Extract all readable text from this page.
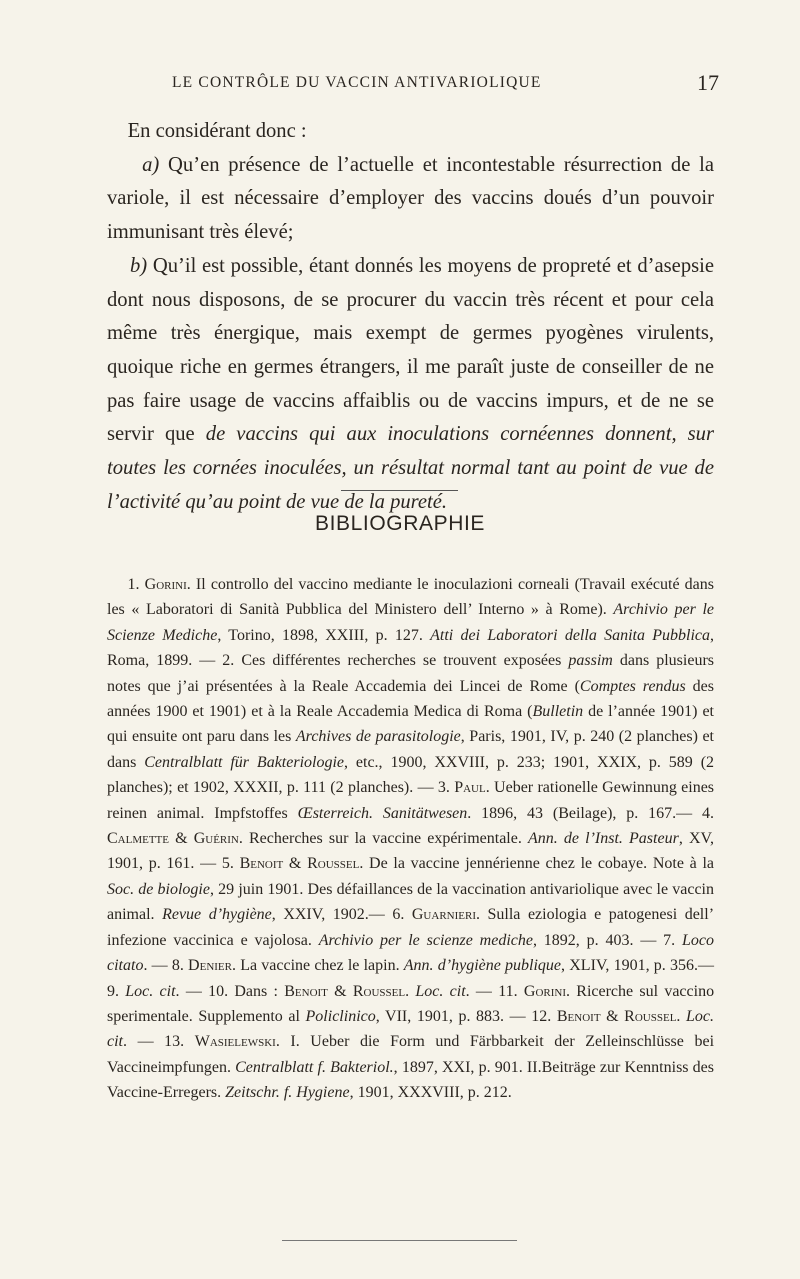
LE CONTRÔLE DU VACCIN ANTIVARIOLIQUE	17

En considérant donc :

a) Qu’en présence de l’actuelle et incontestable résurrection de la variole, il est nécessaire d’employer des vaccins doués d’un pouvoir immunisant très élevé;

b) Qu’il est possible, étant donnés les moyens de propreté et d’asepsie dont nous disposons, de se procurer du vaccin très récent et pour cela même très énergique, mais exempt de germes pyogènes virulents, quoique riche en germes étrangers, il me paraît juste de conseiller de ne pas faire usage de vaccins affaiblis ou de vaccins impurs, et de ne se servir que de vaccins qui aux inoculations cornéennes donnent, sur toutes les cornées inoculées, un résultat normal tant au point de vue de l’activité qu’au point de vue de la pureté.

BIBLIOGRAPHIE
1. Gorini. Il controllo del vaccino mediante le inoculazioni corneali (Travail exécuté dans les « Laboratori di Sanità Pubblica del Ministero dell’ Interno » à Rome). Archivio per le Scienze Mediche, Torino, 1898, XXIII, p. 127. Atti dei Laboratori della Sanita Pubblica, Roma, 1899. — 2. Ces différentes recherches se trouvent exposées passim dans plusieurs notes que j’ai présentées à la Reale Accademia dei Lincei de Rome (Comptes rendus des années 1900 et 1901) et à la Reale Accademia Medica di Roma (Bulletin de l’année 1901) et qui ensuite ont paru dans les Archives de parasitologie, Paris, 1901, IV, p. 240 (2 planches) et dans Centralblatt für Bakteriologie, etc., 1900, XXVIII, p. 233; 1901, XXIX, p. 589 (2 planches); et 1902, XXXII, p. 111 (2 planches). — 3. Paul. Ueber rationelle Gewinnung eines reinen animal. Impfstoffes Œsterreich. Sanitätwesen. 1896, 43 (Beilage), p. 167.— 4. Calmette & Guérin. Recherches sur la vaccine expérimentale. Ann. de l’Inst. Pasteur, XV, 1901, p. 161. — 5. Benoit & Roussel. De la vaccine jennérienne chez le cobaye. Note à la Soc. de biologie, 29 juin 1901. Des défaillances de la vaccination antivariolique avec le vaccin animal. Revue d’hygiène, XXIV, 1902.— 6. Guarnieri. Sulla eziologia e patogenesi dell’ infezione vaccinica e vajolosa. Archivio per le scienze mediche, 1892, p. 403. — 7. Loco citato. — 8. Denier. La vaccine chez le lapin. Ann. d’hygiène publique, XLIV, 1901, p. 356.— 9. Loc. cit. — 10. Dans : Benoit & Roussel. Loc. cit. — 11. Gorini. Ricerche sul vaccino sperimentale. Supplemento al Policlinico, VII, 1901, p. 883. — 12. Benoit & Roussel. Loc. cit. — 13. Wasielewski. I. Ueber die Form und Färbbarkeit der Zelleinschlüsse bei Vaccineimpfungen. Centralblatt f. Bakteriol., 1897, XXI, p. 901. II.Beiträge zur Kenntniss des Vaccine-Erregers. Zeitschr. f. Hygiene, 1901, XXXVIII, p. 212.
